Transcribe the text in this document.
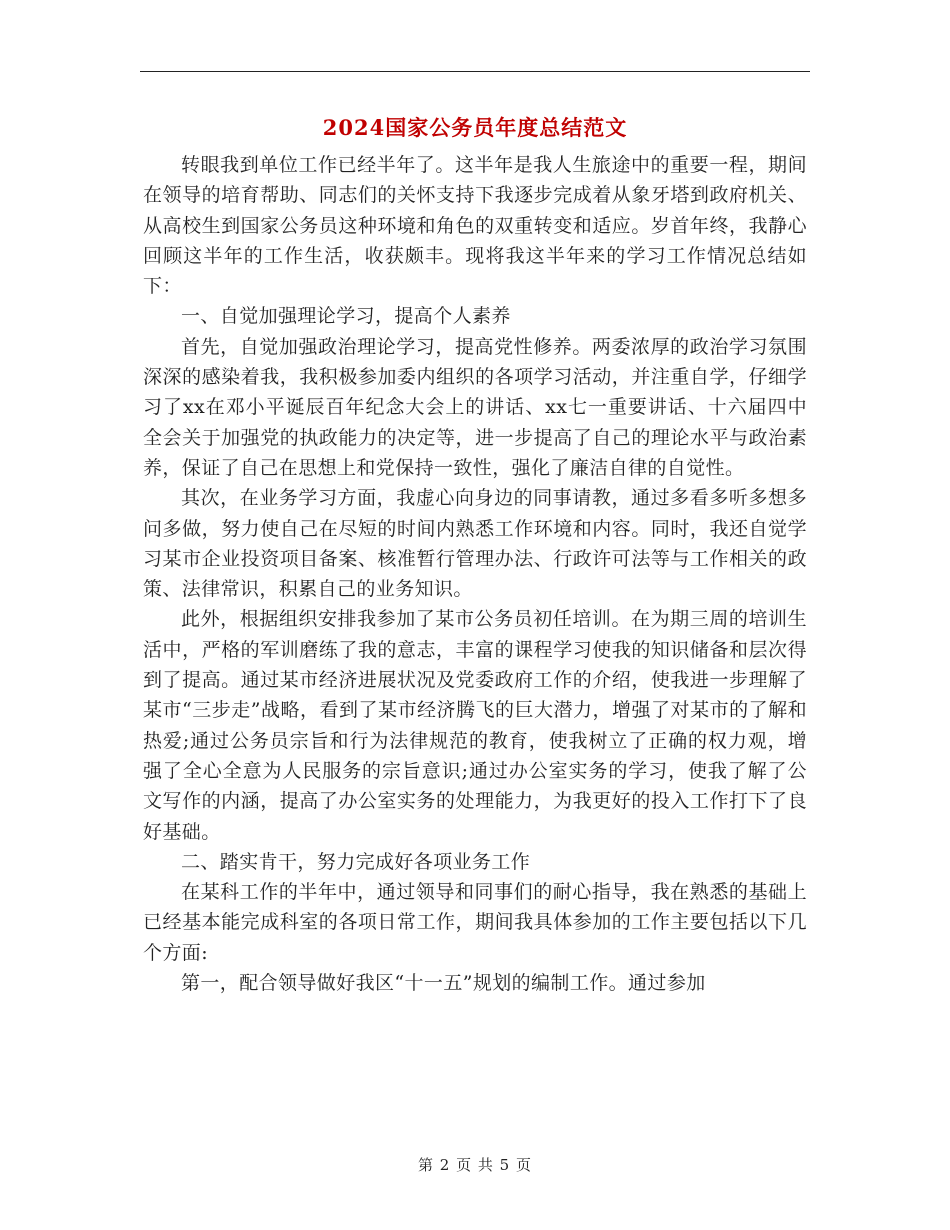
2024国家公务员年度总结范文

转眼我到单位工作已经半年了。这半年是我人生旅途中的重要一程，期间在领导的培育帮助、同志们的关怀支持下我逐步完成着从象牙塔到政府机关、从高校生到国家公务员这种环境和角色的双重转变和适应。岁首年终，我静心回顾这半年的工作生活，收获颇丰。现将我这半年来的学习工作情况总结如下：

一、自觉加强理论学习，提高个人素养

首先，自觉加强政治理论学习，提高党性修养。两委浓厚的政治学习氛围深深的感染着我，我积极参加委内组织的各项学习活动，并注重自学，仔细学习了xx在邓小平诞辰百年纪念大会上的讲话、xx七一重要讲话、十六届四中全会关于加强党的执政能力的决定等，进一步提高了自己的理论水平与政治素养，保证了自己在思想上和党保持一致性，强化了廉洁自律的自觉性。

其次，在业务学习方面，我虚心向身边的同事请教，通过多看多听多想多问多做，努力使自己在尽短的时间内熟悉工作环境和内容。同时，我还自觉学习某市企业投资项目备案、核准暂行管理办法、行政许可法等与工作相关的政策、法律常识，积累自己的业务知识。

此外，根据组织安排我参加了某市公务员初任培训。在为期三周的培训生活中，严格的军训磨练了我的意志，丰富的课程学习使我的知识储备和层次得到了提高。通过某市经济进展状况及党委政府工作的介绍，使我进一步理解了某市“三步走”战略，看到了某市经济腾飞的巨大潜力，增强了对某市的了解和热爱;通过公务员宗旨和行为法律规范的教育，使我树立了正确的权力观，增强了全心全意为人民服务的宗旨意识;通过办公室实务的学习，使我了解了公文写作的内涵，提高了办公室实务的处理能力，为我更好的投入工作打下了良好基础。

二、踏实肯干，努力完成好各项业务工作

在某科工作的半年中，通过领导和同事们的耐心指导，我在熟悉的基础上已经基本能完成科室的各项日常工作，期间我具体参加的工作主要包括以下几个方面:

第一，配合领导做好我区“十一五”规划的编制工作。通过参加

第 2 页 共 5 页
